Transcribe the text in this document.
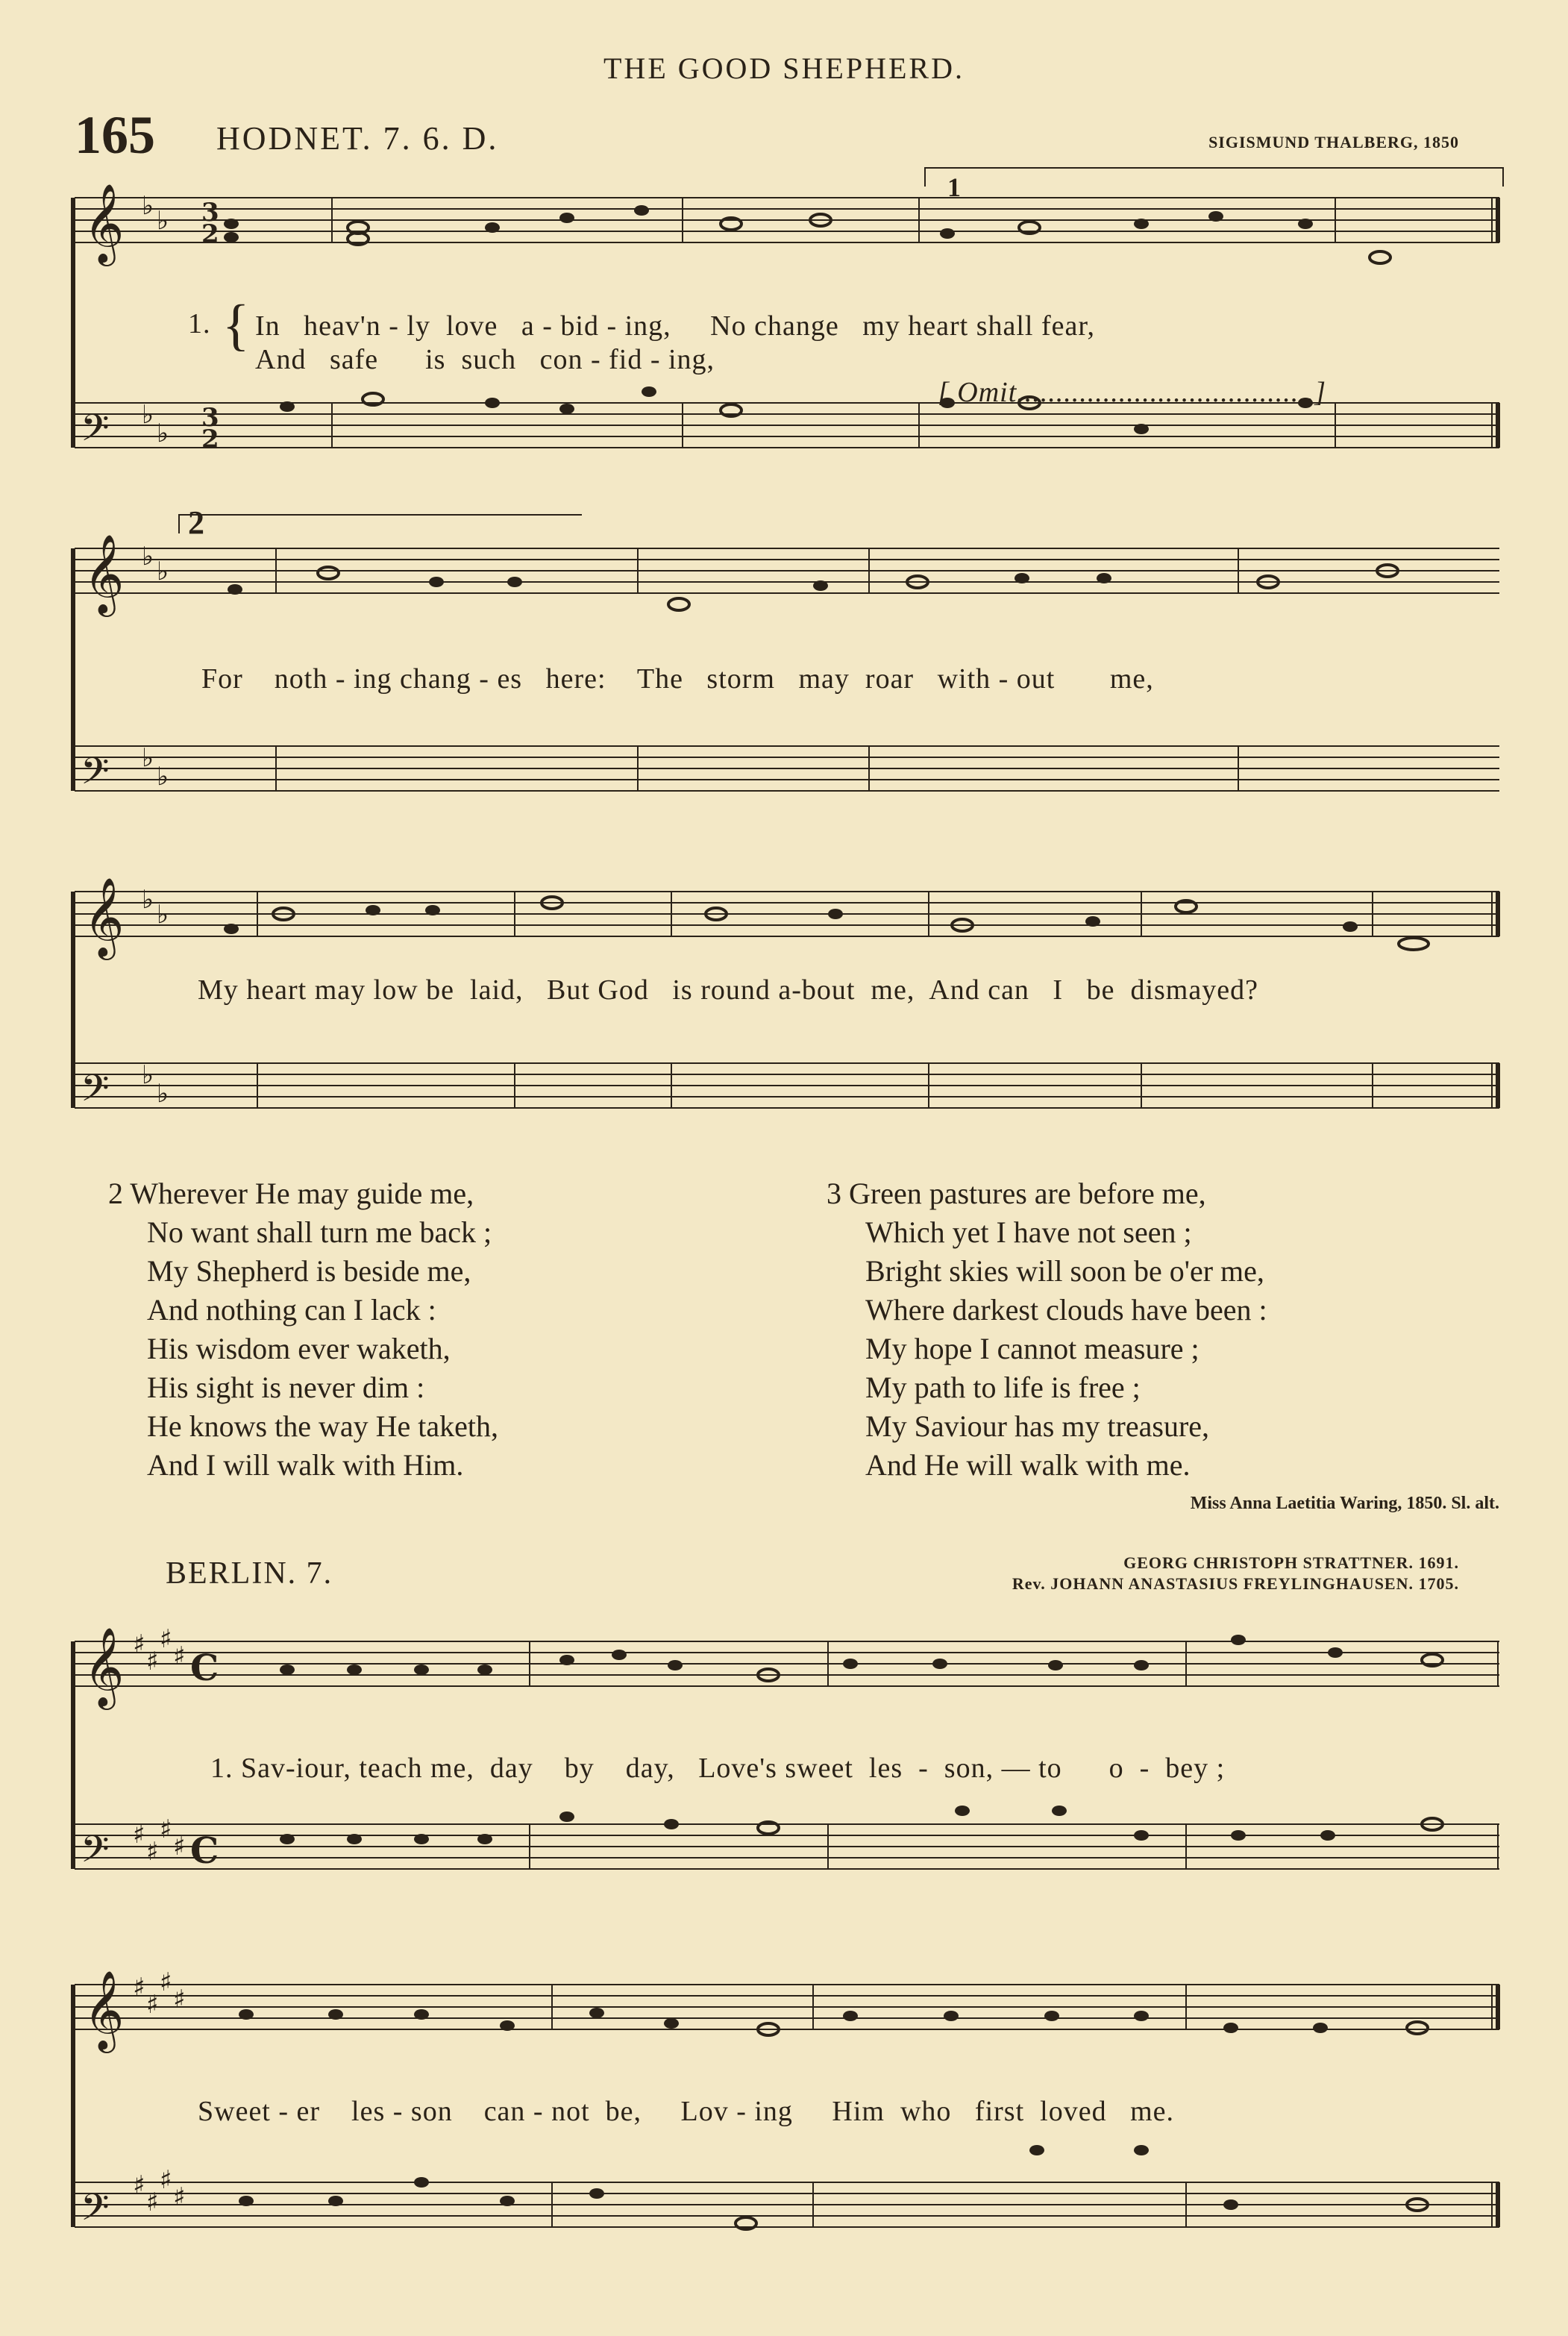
THE GOOD SHEPHERD.
165 HODNET. 7. 6. D.	SIGISMUND THALBERG, 1850
𝄞
𝄢
𝄞
𝄢
𝄞
𝄢
𝄞
𝄢
𝄞
𝄢
♭ ♭
♭
♭
♭ ♭
♭
♭
♭ ♭
♭
♭
♯
♯
♯
♯
♯
♯
♯
♯
♯
♯
♯
♯
♯
♯
♯
♯
3
2
3
2
C
C
1
2
1. { In   heav'n - ly  love   a - bid - ing,     No change   my heart shall fear,
And   safe      is  such   con - fid - ing,

[ Omit......................................]

For    noth - ing chang - es   here:    The   storm   may  roar   with - out       me,
My heart may low be  laid,   But God   is round a-bout  me,  And can   I   be  dismayed?
2 Wherever He may guide me,
No want shall turn me back ;
My Shepherd is beside me,
And nothing can I lack :
His wisdom ever waketh,
His sight is never dim :
He knows the way He taketh,
And I will walk with Him.
3 Green pastures are before me,
Which yet I have not seen ;
Bright skies will soon be o'er me,
Where darkest clouds have been :
My hope I cannot measure ;
My path to life is free ;
My Saviour has my treasure,
And He will walk with me.
Miss Anna Laetitia Waring, 1850. Sl. alt.
BERLIN. 7.	GEORG CHRISTOPH STRATTNER. 1691.
Rev. JOHANN ANASTASIUS FREYLINGHAUSEN. 1705.
1. Sav-iour, teach me,  day    by    day,   Love's sweet  les  -  son, — to      o  -  bey ;
Sweet - er    les - son    can - not  be,     Lov - ing     Him  who   first  loved   me.
